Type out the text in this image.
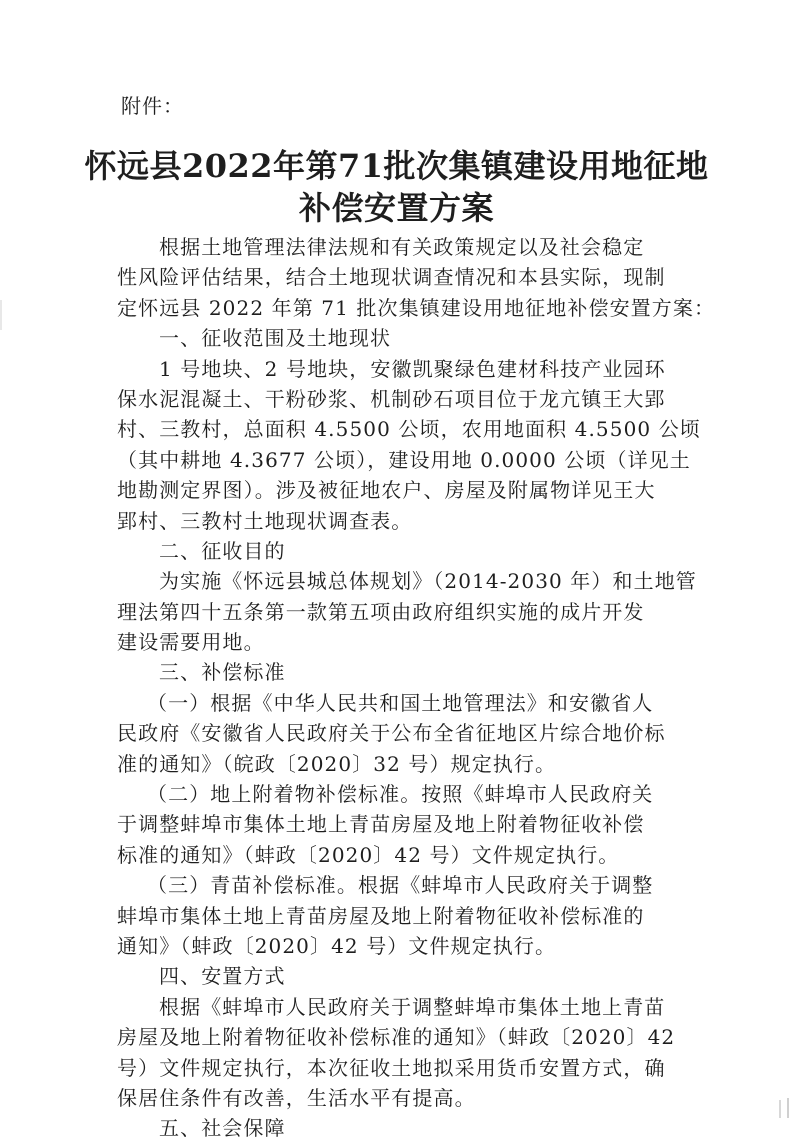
附件：
怀远县2022年第71批次集镇建设用地征地
补偿安置方案
根据土地管理法律法规和有关政策规定以及社会稳定
性风险评估结果，结合土地现状调查情况和本县实际，现制
定怀远县 2022 年第 71 批次集镇建设用地征地补偿安置方案：
一、征收范围及土地现状
1 号地块、2 号地块，安徽凯聚绿色建材科技产业园环
保水泥混凝土、干粉砂浆、机制砂石项目位于龙亢镇王大郢
村、三教村，总面积 4.5500 公顷，农用地面积 4.5500 公顷
（其中耕地 4.3677 公顷），建设用地 0.0000 公顷（详见土
地勘测定界图）。涉及被征地农户、房屋及附属物详见王大
郢村、三教村土地现状调查表。
二、征收目的
为实施《怀远县城总体规划》（2014-2030 年）和土地管
理法第四十五条第一款第五项由政府组织实施的成片开发
建设需要用地。
三、补偿标准
（一）根据《中华人民共和国土地管理法》和安徽省人
民政府《安徽省人民政府关于公布全省征地区片综合地价标
准的通知》（皖政〔2020〕32 号）规定执行。
（二）地上附着物补偿标准。按照《蚌埠市人民政府关
于调整蚌埠市集体土地上青苗房屋及地上附着物征收补偿
标准的通知》（蚌政〔2020〕42 号）文件规定执行。
（三）青苗补偿标准。根据《蚌埠市人民政府关于调整
蚌埠市集体土地上青苗房屋及地上附着物征收补偿标准的
通知》（蚌政〔2020〕42 号）文件规定执行。
四、安置方式
根据《蚌埠市人民政府关于调整蚌埠市集体土地上青苗
房屋及地上附着物征收补偿标准的通知》（蚌政〔2020〕42
号）文件规定执行，本次征收土地拟采用货币安置方式，确
保居住条件有改善，生活水平有提高。
五、社会保障
